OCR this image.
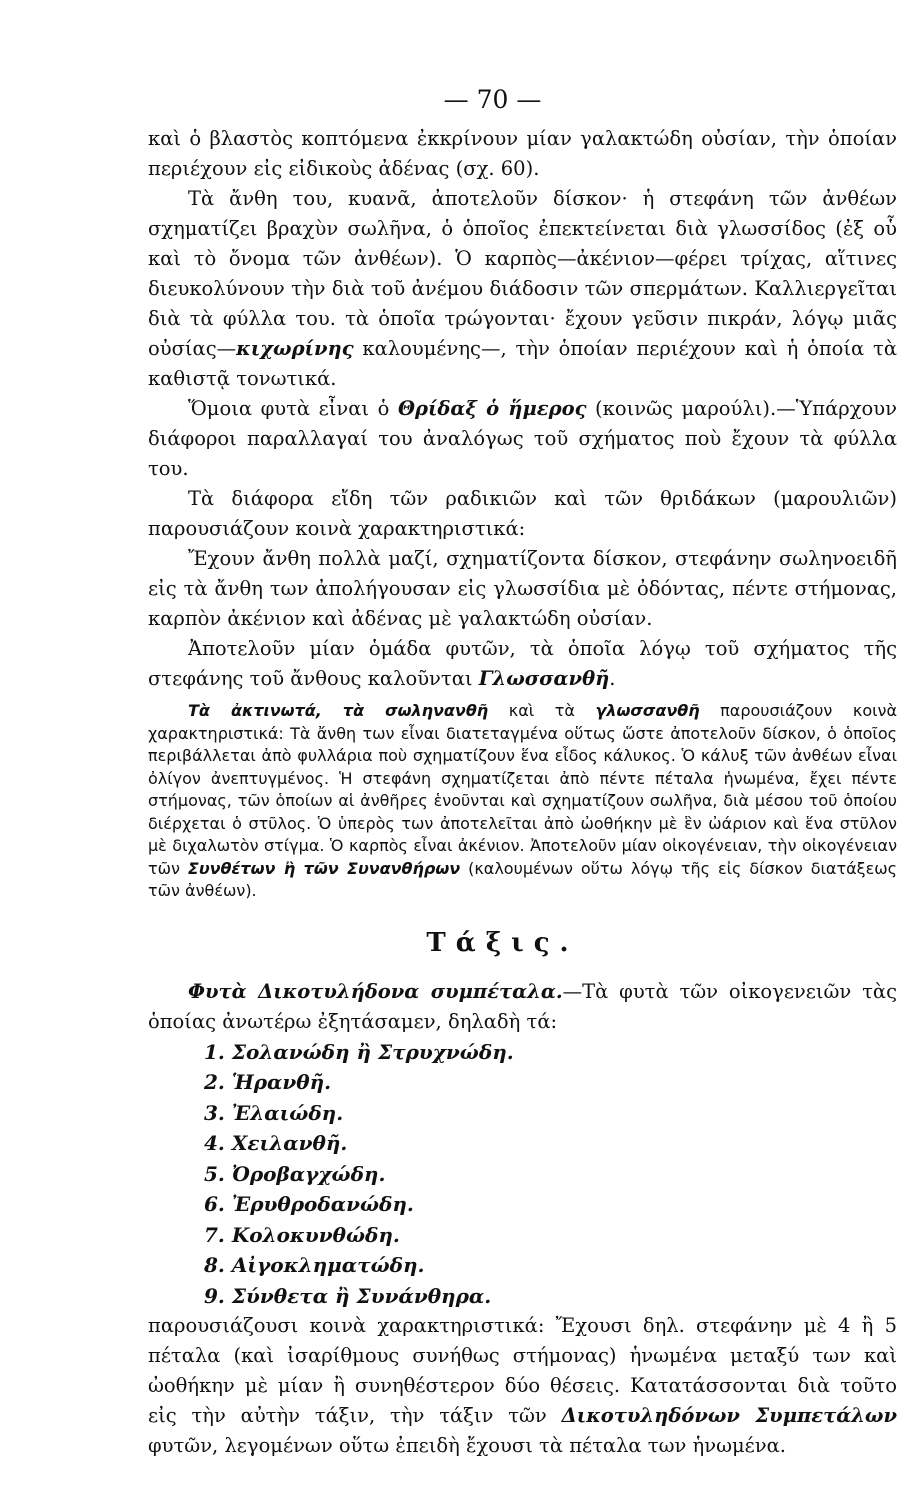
— 70 —

καὶ ὁ βλαστὸς κοπτόμενα ἐκκρίνουν μίαν γαλακτώδη οὐσίαν, τὴν ὁποίαν περιέχουν εἰς εἰδικοὺς ἀδένας (σχ. 60).

Τὰ ἄνθη του, κυανᾶ, ἀποτελοῦν δίσκον· ἡ στεφάνη τῶν ἀνθέων σχηματίζει βραχὺν σωλῆνα, ὁ ὁποῖος ἐπεκτείνεται διὰ γλωσσίδος (ἐξ οὗ καὶ τὸ ὄνομα τῶν ἀνθέων). Ὁ καρπὸς—ἀκένιον—φέρει τρίχας, αἵτινες διευκολύνουν τὴν διὰ τοῦ ἀνέμου διάδοσιν τῶν σπερμάτων. Καλλιεργεῖται διὰ τὰ φύλλα του. τὰ ὁποῖα τρώγονται· ἔχουν γεῦσιν πικράν, λόγῳ μιᾶς οὐσίας—κιχωρίνης καλουμένης—, τὴν ὁποίαν περιέχουν καὶ ἡ ὁποία τὰ καθιστᾷ τονωτικά.

Ὅμοια φυτὰ εἶναι ὁ Θρίδαξ ὁ ἥμερος (κοινῶς μαρούλι).—Ὑπάρχουν διάφοροι παραλλαγαί του ἀναλόγως τοῦ σχήματος ποὺ ἔχουν τὰ φύλλα του.

Τὰ διάφορα εἴδη τῶν ραδικιῶν καὶ τῶν θριδάκων (μαρουλιῶν) παρουσιάζουν κοινὰ χαρακτηριστικά:

Ἔχουν ἄνθη πολλὰ μαζί, σχηματίζοντα δίσκον, στεφάνην σωληνοειδῆ εἰς τὰ ἄνθη των ἀπολήγουσαν εἰς γλωσσίδια μὲ ὀδόντας, πέντε στήμονας, καρπὸν ἀκένιον καὶ ἀδένας μὲ γαλακτώδη οὐσίαν.

Ἀποτελοῦν μίαν ὁμάδα φυτῶν, τὰ ὁποῖα λόγῳ τοῦ σχήματος τῆς στεφάνης τοῦ ἄνθους καλοῦνται Γλωσσανθῆ.

Τὰ ἀκτινωτά, τὰ σωληνανθῆ καὶ τὰ γλωσσανθῆ παρουσιάζουν κοινὰ χαρακτηριστικά: Τὰ ἄνθη των εἶναι διατεταγμένα οὕτως ὥστε ἀποτελοῦν δίσκον, ὁ ὁποῖος περιβάλλεται ἀπὸ φυλλάρια ποὺ σχηματίζουν ἕνα εἶδος κάλυκος. Ὁ κάλυξ τῶν ἀνθέων εἶναι ὀλίγον ἀνεπτυγμένος. Ἡ στεφάνη σχηματίζεται ἀπὸ πέντε πέταλα ἡνωμένα, ἔχει πέντε στήμονας, τῶν ὁποίων αἱ ἀνθῆρες ἑνοῦνται καὶ σχηματίζουν σωλῆνα, διὰ μέσου τοῦ ὁποίου διέρχεται ὁ στῦλος. Ὁ ὑπερὸς των ἀποτελεῖται ἀπὸ ὠοθήκην μὲ ἓν ὠάριον καὶ ἕνα στῦλον μὲ διχαλωτὸν στίγμα. Ὁ καρπὸς εἶναι ἀκένιον. Ἀποτελοῦν μίαν οἰκογένειαν, τὴν οἰκογένειαν τῶν Συνθέτων ἢ τῶν Συνανθήρων (καλουμένων οὕτω λόγῳ τῆς εἰς δίσκον διατάξεως τῶν ἀνθέων).

Τάξις.

Φυτὰ Δικοτυλήδονα συμπέταλα.—Τὰ φυτὰ τῶν οἰκογενειῶν τὰς ὁποίας ἀνωτέρω ἐξητάσαμεν, δηλαδὴ τά:

1. Σολανώδη ἢ Στρυχνώδη.
2. Ἡρανθῆ.
3. Ἐλαιώδη.
4. Χειλανθῆ.
5. Ὀροβαγχώδη.
6. Ἐρυθροδανώδη.
7. Κολοκυνθώδη.
8. Αἰγοκληματώδη.
9. Σύνθετα ἢ Συνάνθηρα.

παρουσιάζουσι κοινὰ χαρακτηριστικά: Ἔχουσι δηλ. στεφάνην μὲ 4 ἢ 5 πέταλα (καὶ ἰσαρίθμους συνήθως στήμονας) ἡνωμένα μεταξύ των καὶ ὠοθήκην μὲ μίαν ἢ συνηθέστερον δύο θέσεις. Κατατάσσονται διὰ τοῦτο εἰς τὴν αὐτὴν τάξιν, τὴν τάξιν τῶν Δικοτυληδόνων Συμπετάλων φυτῶν, λεγομένων οὕτω ἐπειδὴ ἔχουσι τὰ πέταλα των ἡνωμένα.
